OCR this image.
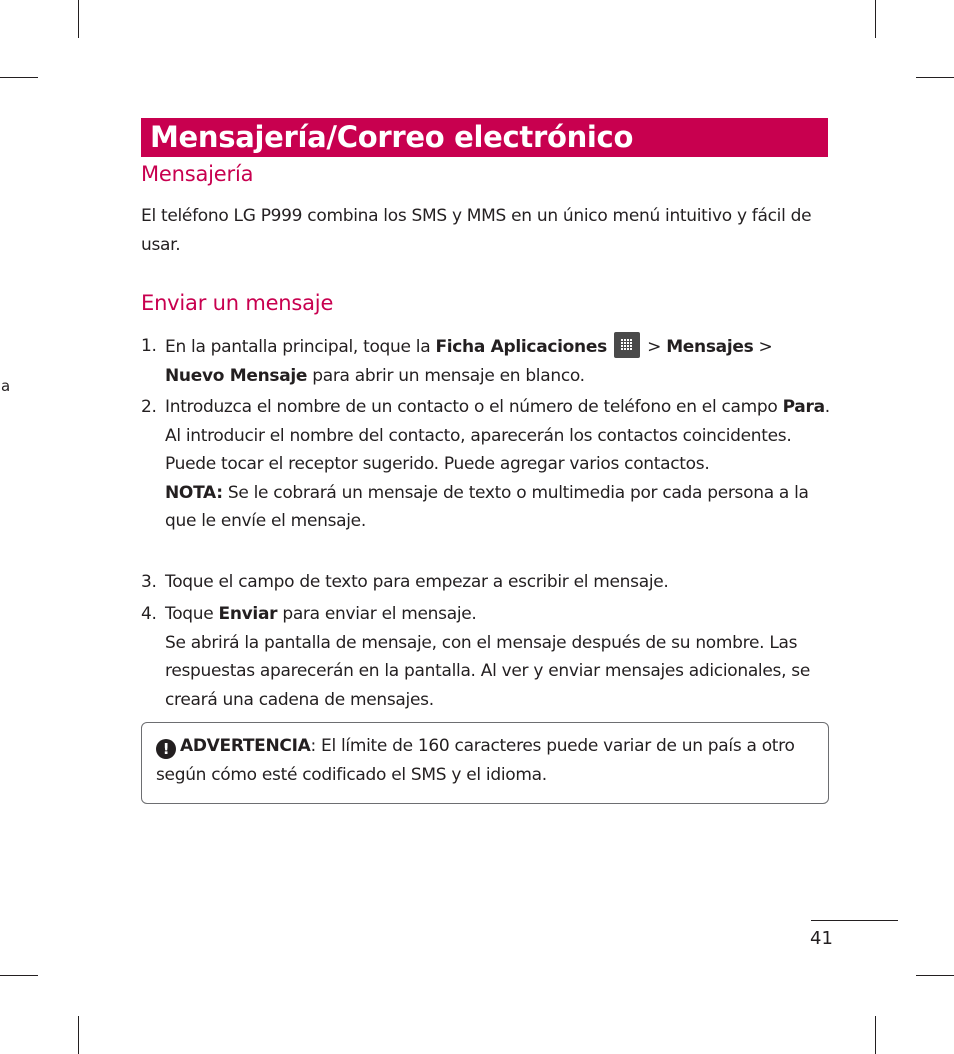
a
Mensajería/Correo electrónico
Mensajería
El teléfono LG P999 combina los SMS y MMS en un único menú intuitivo y fácil de usar.
Enviar un mensaje
1. En la pantalla principal, toque la Ficha Aplicaciones
> Mensajes >
Nuevo Mensaje para abrir un mensaje en blanco.
2. Introduzca el nombre de un contacto o el número de teléfono en el campo Para. Al introducir el nombre del contacto, aparecerán los contactos coincidentes. Puede tocar el receptor sugerido. Puede agregar varios contactos.
NOTA: Se le cobrará un mensaje de texto o multimedia por cada persona a la que le envíe el mensaje.
3. Toque el campo de texto para empezar a escribir el mensaje.
4. Toque Enviar para enviar el mensaje.
Se abrirá la pantalla de mensaje, con el mensaje después de su nombre. Las respuestas aparecerán en la pantalla. Al ver y enviar mensajes adicionales, se creará una cadena de mensajes.
! ADVERTENCIA: El límite de 160 caracteres puede variar de un país a otro según cómo esté codificado el SMS y el idioma.
41
